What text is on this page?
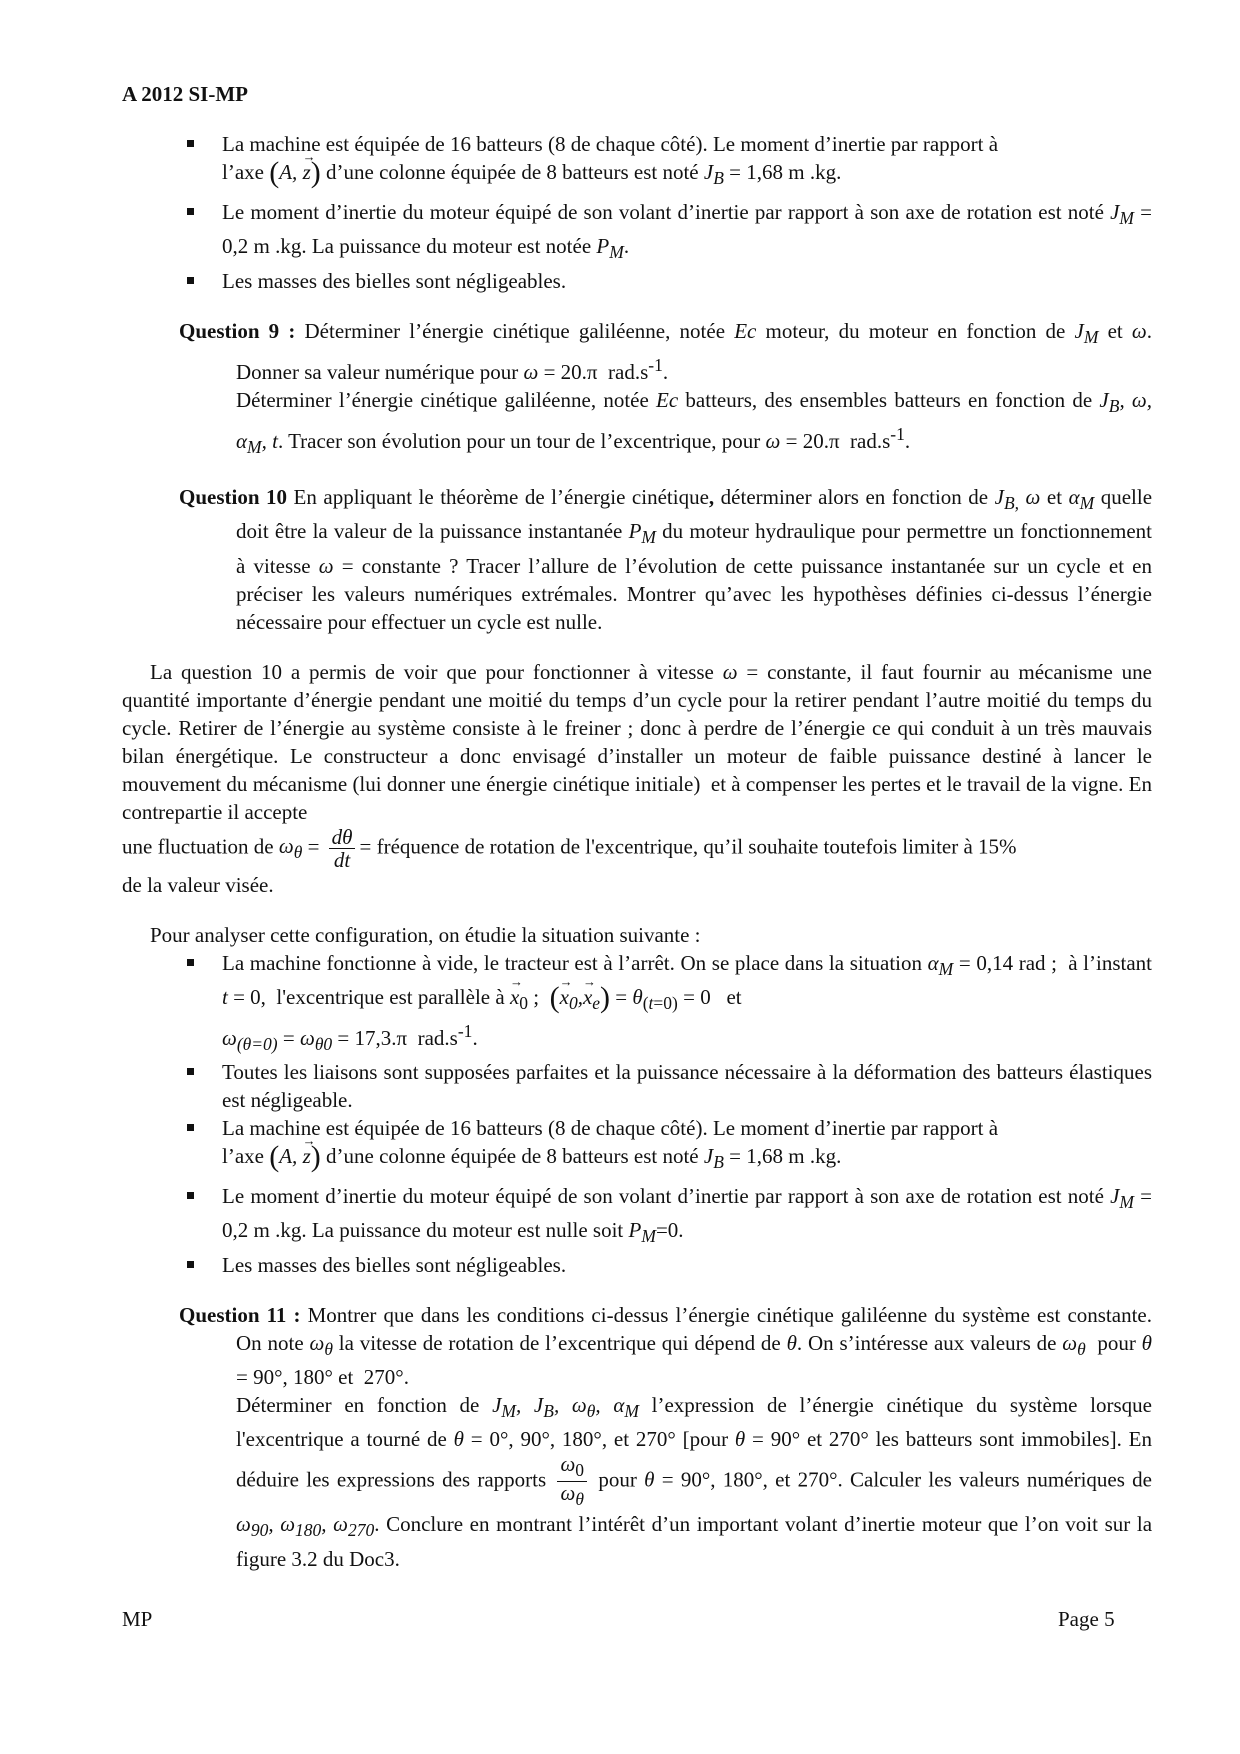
A 2012 SI-MP
La machine est équipée de 16 batteurs (8 de chaque côté). Le moment d’inertie par rapport à
l’axe (A, → z) d’une colonne équipée de 8 batteurs est noté $J_B = 1,68$ m .kg.
Le moment d’inertie du moteur équipé de son volant d’inertie par rapport à son axe de rotation est noté $J_M = 0,2$ m .kg. La puissance du moteur est notée $P_M$.
Les masses des bielles sont négligeables.

Question 9 : Déterminer l’énergie cinétique galiléenne, notée Ec moteur, du moteur en fonction de $J_M$ et ω. Donner sa valeur numérique pour ω = 20.π  $rad.s^{-1}$.

Déterminer l’énergie cinétique galiléenne, notée Ec batteurs, des ensembles batteurs en fonction de $J_B$, ω, $\alpha_M$, t. Tracer son évolution pour un tour de l’excentrique, pour ω = 20.π  $rad.s^{-1}$.

Question 10 En appliquant le théorème de l’énergie cinétique, déterminer alors en fonction de $J_{B,}$ ω et $\alpha_M$ quelle doit être la valeur de la puissance instantanée $P_M$ du moteur hydraulique pour permettre un fonctionnement à vitesse ω = constante ? Tracer l’allure de l’évolution de cette puissance instantanée sur un cycle et en préciser les valeurs numériques extrémales. Montrer qu’avec les hypothèses définies ci-dessus l’énergie nécessaire pour effectuer un cycle est nulle.

La question 10 a permis de voir que pour fonctionner à vitesse ω = constante, il faut fournir au mécanisme une quantité importante d’énergie pendant une moitié du temps d’un cycle pour la retirer pendant l’autre moitié du temps du cycle. Retirer de l’énergie au système consiste à le freiner ; donc à perdre de l’énergie ce qui conduit à un très mauvais bilan énergétique. Le constructeur a donc envisagé d’installer un moteur de faible puissance destiné à lancer le mouvement du mécanisme (lui donner une énergie cinétique initiale)  et à compenser les pertes et le travail de la vigne. En contrepartie il accepte

une fluctuation de $\omega_\theta = \frac{d\theta}{dt}$ = fréquence de rotation de l'excentrique, qu’il souhaite toutefois limiter à 15%

de la valeur visée.

Pour analyser cette configuration, on étudie la situation suivante :

La machine fonctionne à vide, le tracteur est à l’arrêt. On se place dans la situation $\alpha_M = 0,14$ rad ;  à l’instant t = 0,  l'excentrique est parallèle à → $x_0$ ;  (→ $x_0,\to x_e) = \theta_{(t=0)} = 0$   et
$\omega_{(\theta=0)} = \omega_{\theta 0} = 17,3.\pi$  $rad.s^{-1}$.
Toutes les liaisons sont supposées parfaites et la puissance nécessaire à la déformation des batteurs élastiques est négligeable.
La machine est équipée de 16 batteurs (8 de chaque côté). Le moment d’inertie par rapport à
l’axe (A, → z) d’une colonne équipée de 8 batteurs est noté $J_B = 1,68$ m .kg.
Le moment d’inertie du moteur équipé de son volant d’inertie par rapport à son axe de rotation est noté $J_M = 0,2$ m .kg. La puissance du moteur est nulle soit $P_M=0$.
Les masses des bielles sont négligeables.

Question 11 : Montrer que dans les conditions ci-dessus l’énergie cinétique galiléenne du système est constante. On note $\omega_\theta$ la vitesse de rotation de l’excentrique qui dépend de θ. On s’intéresse aux valeurs de $\omega_\theta$  pour θ = 90°, 180° et  270°.

Déterminer en fonction de $J_M$, $J_B$, $\omega_\theta$, $\alpha_M$ l’expression de l’énergie cinétique du système lorsque l'excentrique a tourné de θ = 0°, 90°, 180°, et 270° [pour θ = 90° et 270° les batteurs sont immobiles]. En déduire les expressions des rapports $\frac{\omega_0}{\omega_\theta}$ pour θ = 90°, 180°, et 270°. Calculer les valeurs numériques de $\omega_{90}$, $\omega_{180}$, $\omega_{270}$. Conclure en montrant l’intérêt d’un important volant d’inertie moteur que l’on voit sur la figure 3.2 du Doc3.

MP	Page 5
